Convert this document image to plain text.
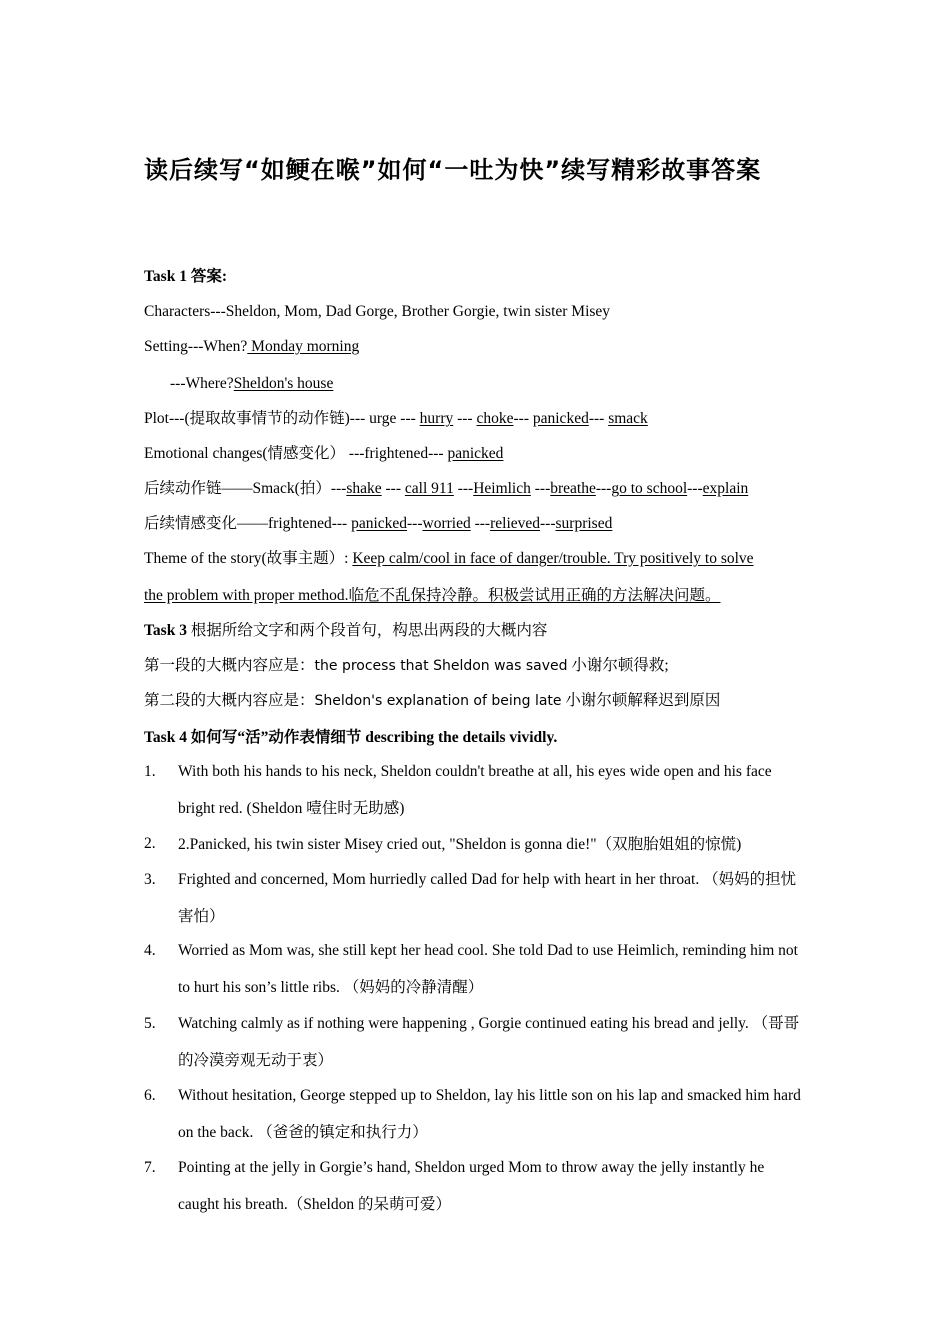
读后续写“如鲠在喉”如何“一吐为快”续写精彩故事答案
Task 1 答案:
Characters---Sheldon, Mom, Dad Gorge, Brother Gorgie, twin sister Misey
Setting---When? Monday morning
---Where?Sheldon's house
Plot---(提取故事情节的动作链)--- urge --- hurry --- choke--- panicked--- smack
Emotional changes(情感变化） ---frightened--- panicked
后续动作链——Smack(拍）---shake --- call 911 ---Heimlich ---breathe---go to school---explain
后续情感变化——frightened--- panicked---worried ---relieved---surprised
Theme of the story(故事主题）: Keep calm/cool in face of danger/trouble. Try positively to solve
the problem with proper method.临危不乱保持冷静。积极尝试用正确的方法解决问题。
Task 3 根据所给文字和两个段首句，构思出两段的大概内容
第一段的大概内容应是：the process that Sheldon was saved 小谢尔顿得救;
第二段的大概内容应是：Sheldon's explanation of being late 小谢尔顿解释迟到原因
Task 4 如何写“活”动作表情细节 describing the details vividly.
1.	With both his hands to his neck, Sheldon couldn't breathe at all, his eyes wide open and his face bright red. (Sheldon 噎住时无助感)
2.	2.Panicked, his twin sister Misey cried out, "Sheldon is gonna die!"（双胞胎姐姐的惊慌)
3.	Frighted and concerned, Mom hurriedly called Dad for help with heart in her throat. （妈妈的担忧害怕）
4.	Worried as Mom was, she still kept her head cool. She told Dad to use Heimlich, reminding him not to hurt his son’s little ribs. （妈妈的冷静清醒）
5.	Watching calmly as if nothing were happening , Gorgie continued eating his bread and jelly. （哥哥的冷漠旁观无动于衷）
6.	Without hesitation, George stepped up to Sheldon, lay his little son on his lap and smacked him hard on the back. （爸爸的镇定和执行力）
7.	Pointing at the jelly in Gorgie’s hand, Sheldon urged Mom to throw away the jelly instantly he caught his breath.（Sheldon 的呆萌可爱）
